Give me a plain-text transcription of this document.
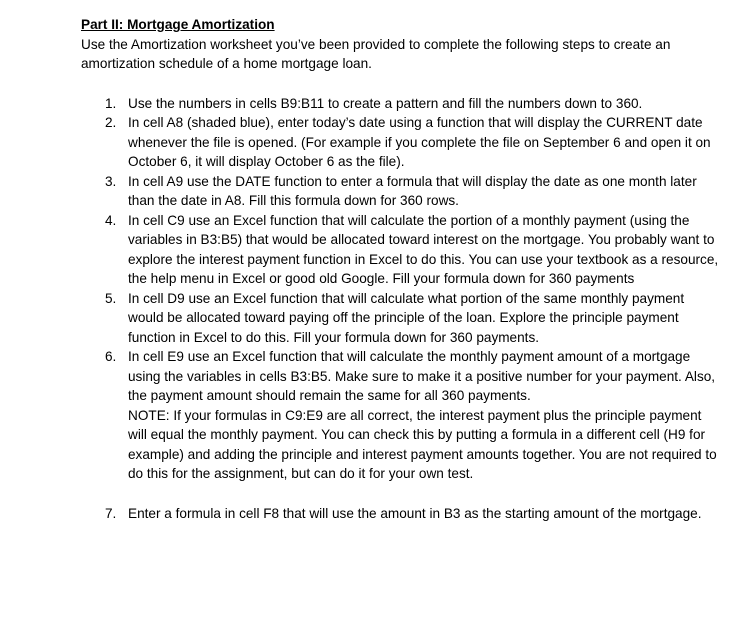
Part II: Mortgage Amortization
Use the Amortization worksheet you’ve been provided to complete the following steps to create an amortization schedule of a home mortgage loan.
1. Use the numbers in cells B9:B11 to create a pattern and fill the numbers down to 360.
2. In cell A8 (shaded blue), enter today’s date using a function that will display the CURRENT date whenever the file is opened. (For example if you complete the file on September 6 and open it on October 6, it will display October 6 as the file).
3. In cell A9 use the DATE function to enter a formula that will display the date as one month later than the date in A8. Fill this formula down for 360 rows.
4. In cell C9 use an Excel function that will calculate the portion of a monthly payment (using the variables in B3:B5) that would be allocated toward interest on the mortgage. You probably want to explore the interest payment function in Excel to do this. You can use your textbook as a resource, the help menu in Excel or good old Google. Fill your formula down for 360 payments
5. In cell D9 use an Excel function that will calculate what portion of the same monthly payment would be allocated toward paying off the principle of the loan. Explore the principle payment function in Excel to do this. Fill your formula down for 360 payments.
6. In cell E9 use an Excel function that will calculate the monthly payment amount of a mortgage using the variables in cells B3:B5. Make sure to make it a positive number for your payment. Also, the payment amount should remain the same for all 360 payments.
NOTE: If your formulas in C9:E9 are all correct, the interest payment plus the principle payment will equal the monthly payment. You can check this by putting a formula in a different cell (H9 for example) and adding the principle and interest payment amounts together. You are not required to do this for the assignment, but can do it for your own test.
7. Enter a formula in cell F8 that will use the amount in B3 as the starting amount of the mortgage.
